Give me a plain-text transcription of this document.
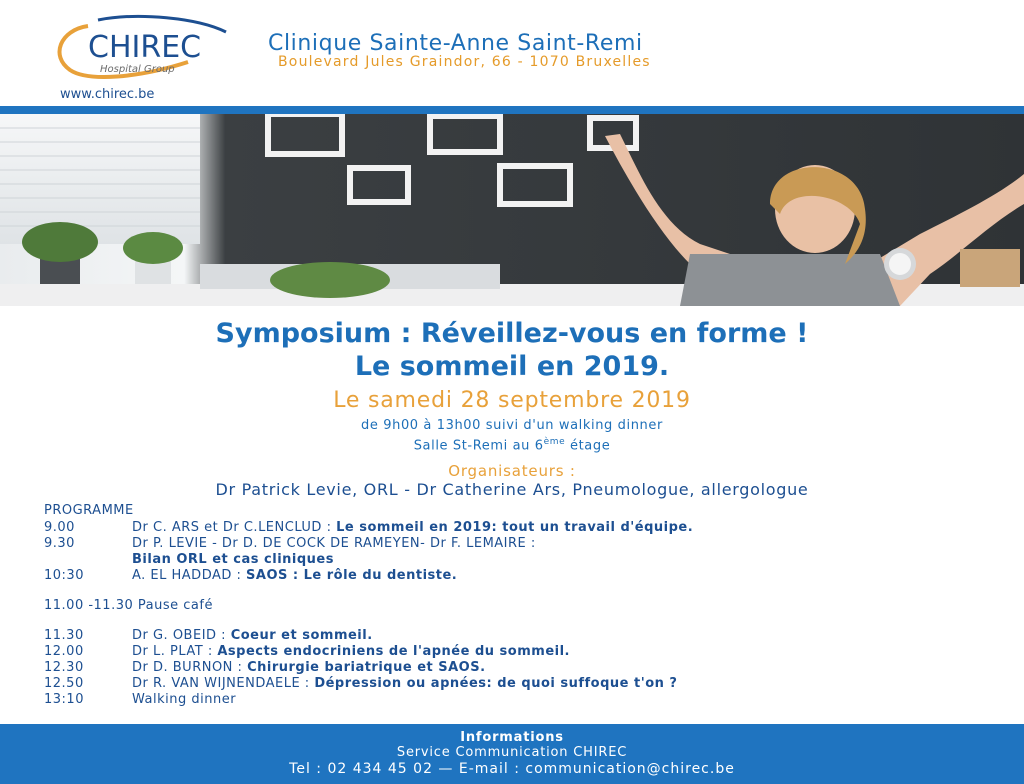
CHIREC
Hospital Group
www.chirec.be
Clinique Sainte-Anne Saint-Remi
Boulevard Jules Graindor, 66 - 1070 Bruxelles
Symposium : Réveillez-vous en forme !
Le sommeil en 2019.
Le samedi 28 septembre 2019
de 9h00 à 13h00 suivi d'un walking dinner
Salle St-Remi au 6ème étage
Organisateurs :
Dr Patrick Levie, ORL - Dr Catherine Ars, Pneumologue, allergologue
PROGRAMME
9.00	Dr C. ARS et Dr C.LENCLUD : Le sommeil en 2019: tout un travail d'équipe.
9.30	Dr P. LEVIE - Dr D. DE COCK DE RAMEYEN- Dr F. LEMAIRE :
Bilan ORL et cas cliniques
10:30	A. EL HADDAD : SAOS : Le rôle du dentiste.
11.00 -11.30 Pause café
11.30	Dr G. OBEID : Coeur et sommeil.
12.00	Dr L. PLAT : Aspects endocriniens de l'apnée du sommeil.
12.30	Dr D. BURNON : Chirurgie bariatrique et SAOS.
12.50	Dr R. VAN WIJNENDAELE : Dépression ou apnées: de quoi suffoque t'on ?
13:10	Walking dinner
Informations
Service Communication CHIREC
Tel : 02 434 45 02 — E-mail : communication@chirec.be
